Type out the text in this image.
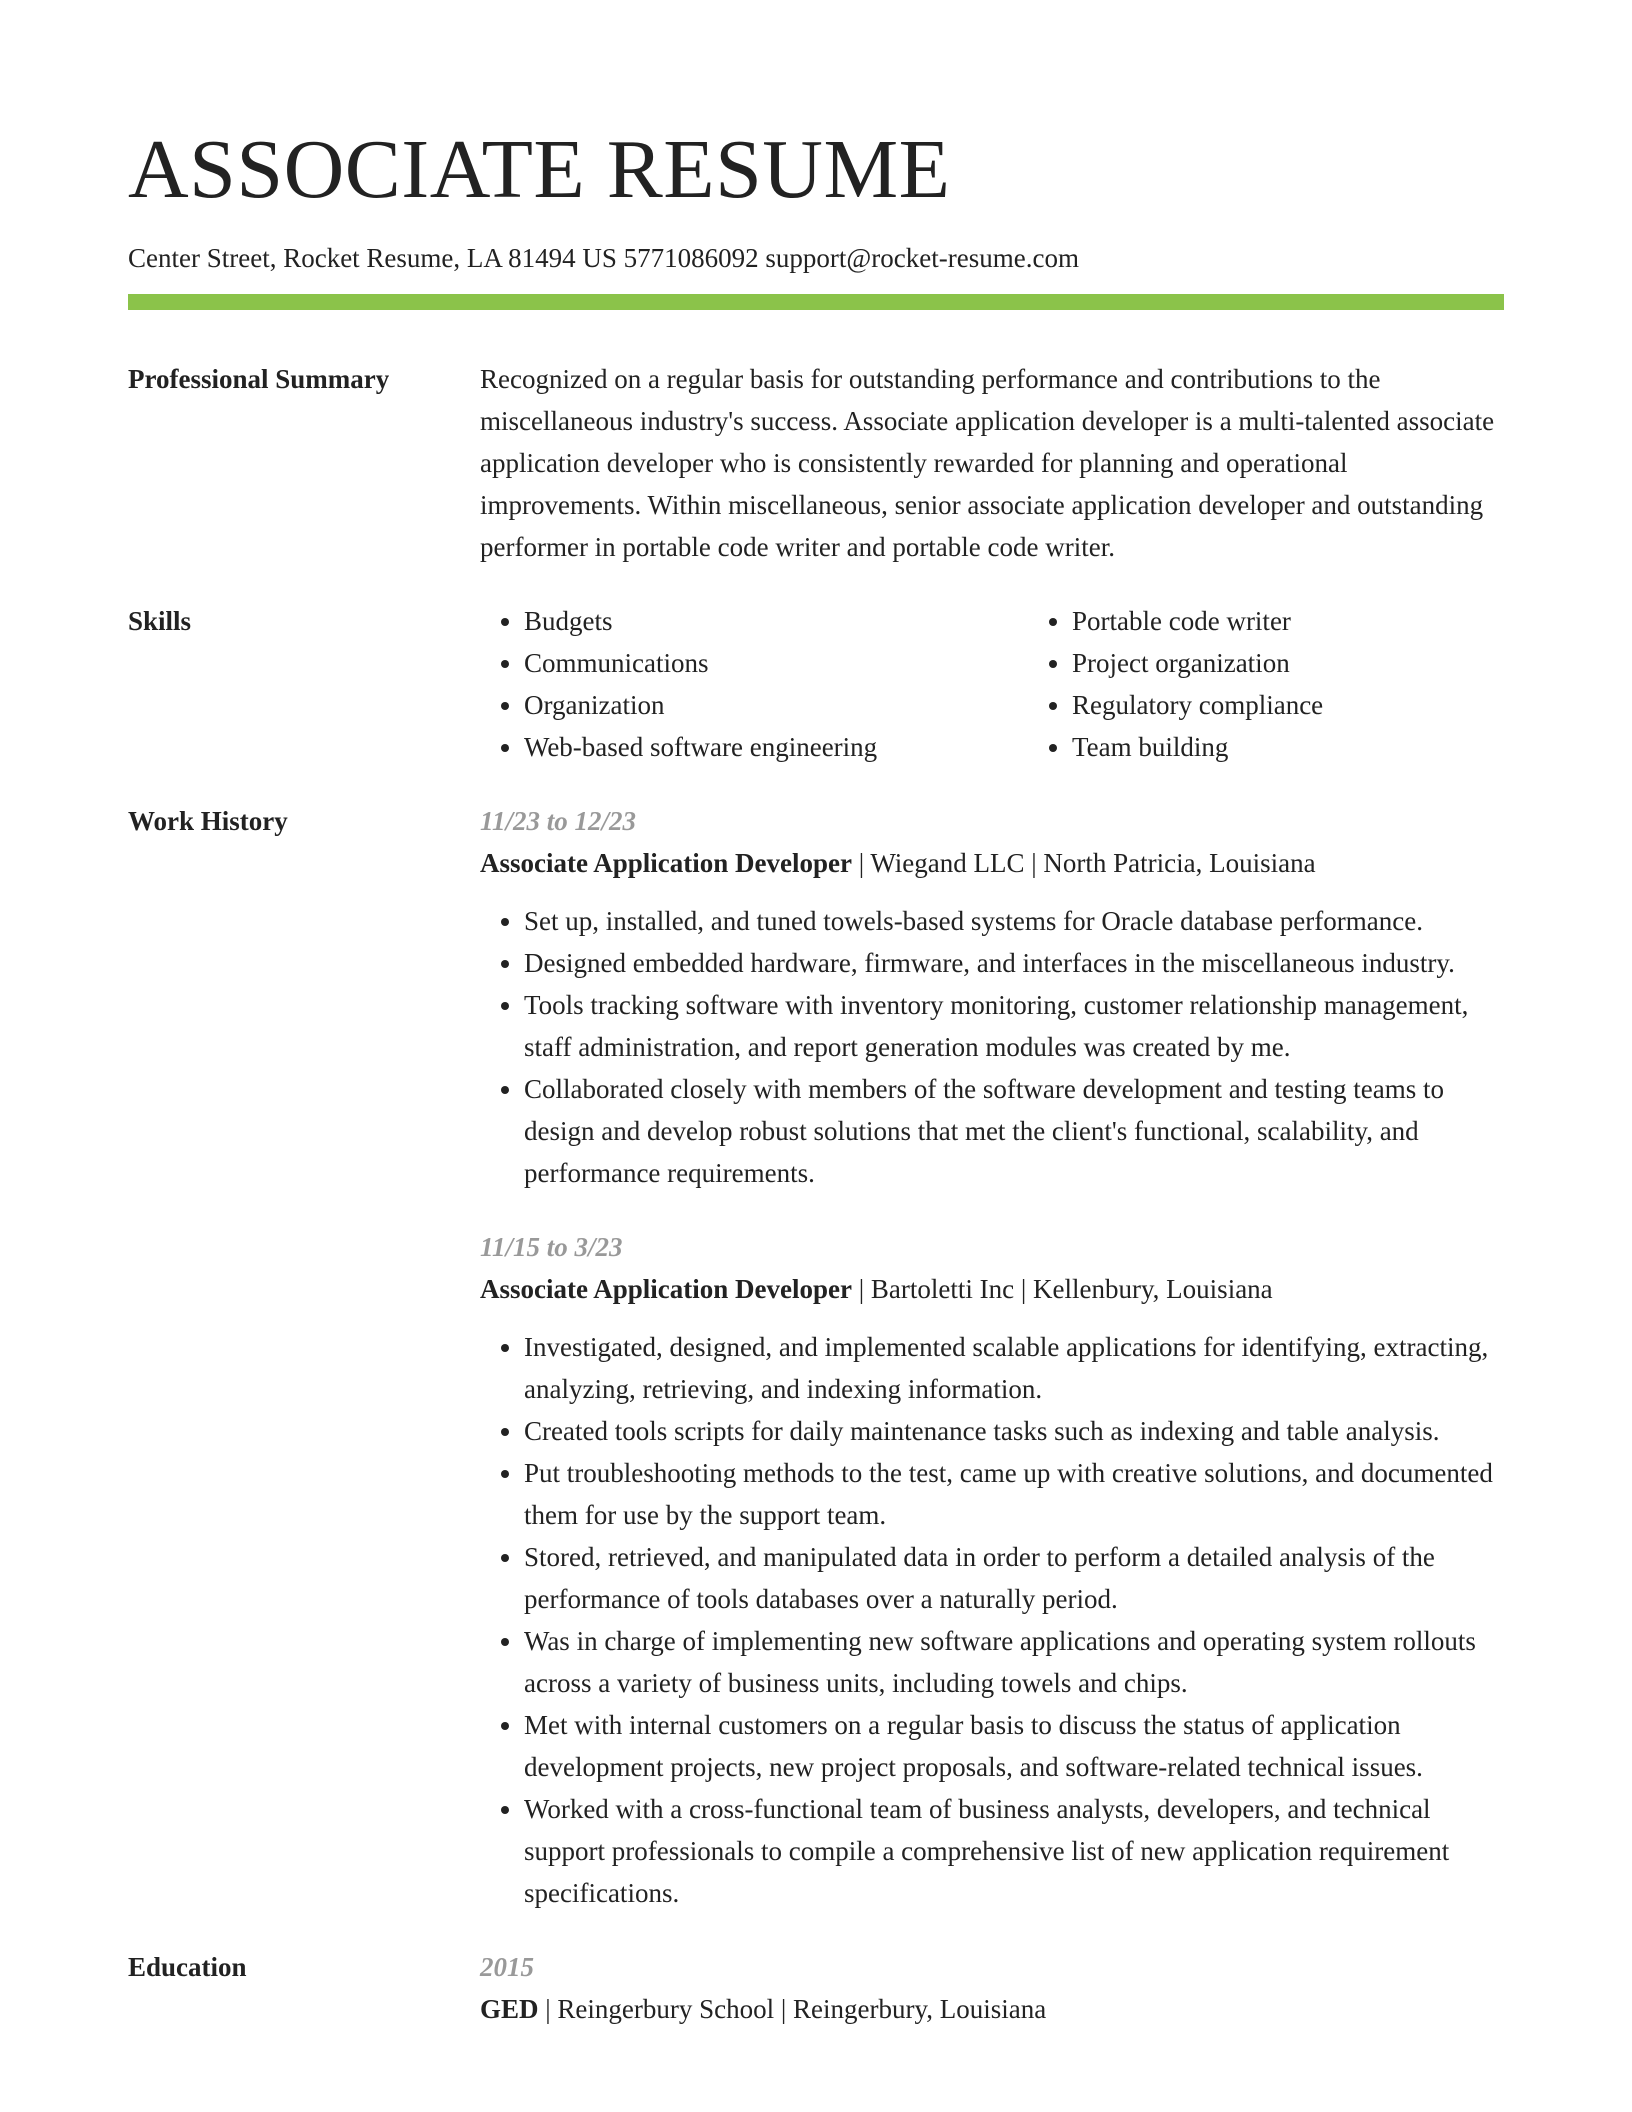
ASSOCIATE RESUME
Center Street, Rocket Resume, LA 81494 US 5771086092 support@rocket-resume.com
Professional Summary	Recognized on a regular basis for outstanding performance and contributions to the miscellaneous industry's success. Associate application developer is a multi-talented associate application developer who is consistently rewarded for planning and operational improvements. Within miscellaneous, senior associate application developer and outstanding performer in portable code writer and portable code writer.

Skills
•	Budgets
• Communications
• Organization
• Web-based software engineering
• Portable code writer
• Project organization
• Regulatory compliance
• Team building
Work History	11/23 to 12/23
Associate Application Developer | Wiegand LLC | North Patricia, Louisiana
• Set up, installed, and tuned towels-based systems for Oracle database performance.
• Designed embedded hardware, firmware, and interfaces in the miscellaneous industry.
• Tools tracking software with inventory monitoring, customer relationship management, staff administration, and report generation modules was created by me.
• Collaborated closely with members of the software development and testing teams to design and develop robust solutions that met the client's functional, scalability, and performance requirements.
11/15 to 3/23
Associate Application Developer | Bartoletti Inc | Kellenbury, Louisiana
• Investigated, designed, and implemented scalable applications for identifying, extracting, analyzing, retrieving, and indexing information.
• Created tools scripts for daily maintenance tasks such as indexing and table analysis.
• Put troubleshooting methods to the test, came up with creative solutions, and documented them for use by the support team.
• Stored, retrieved, and manipulated data in order to perform a detailed analysis of the performance of tools databases over a naturally period.
• Was in charge of implementing new software applications and operating system rollouts across a variety of business units, including towels and chips.
• Met with internal customers on a regular basis to discuss the status of application development projects, new project proposals, and software-related technical issues.
• Worked with a cross-functional team of business analysts, developers, and technical support professionals to compile a comprehensive list of new application requirement specifications.
Education	2015
GED | Reingerbury School | Reingerbury, Louisiana
